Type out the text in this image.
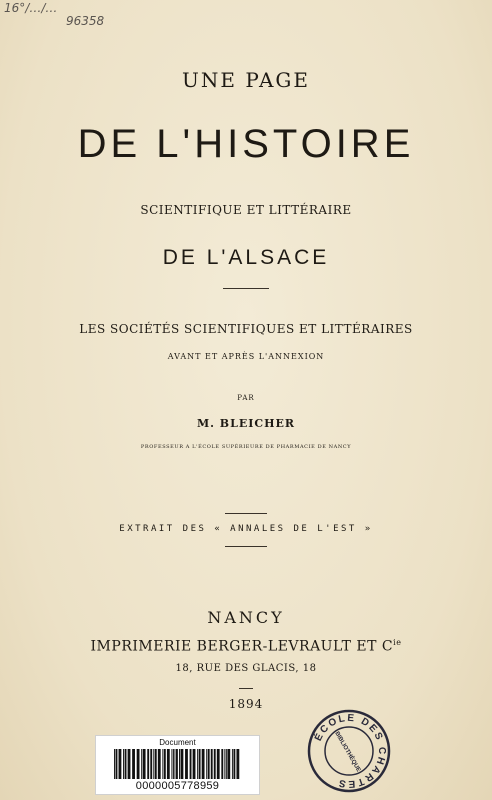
16°/…/…
96358
UNE PAGE
DE L'HISTOIRE
SCIENTIFIQUE ET LITTÉRAIRE
DE L'ALSACE
LES SOCIÉTÉS SCIENTIFIQUES ET LITTÉRAIRES
AVANT ET APRÈS L'ANNEXION
PAR
M. BLEICHER
PROFESSEUR A L'ÉCOLE SUPÉRIEURE DE PHARMACIE DE NANCY
EXTRAIT DES « ANNALES DE L'EST »
NANCY
IMPRIMERIE BERGER-LEVRAULT ET $C^{ie}$
18, RUE DES GLACIS, 18
1894
Document
0000005778959
ÉCOLE DES CHARTES
BIBLIOTHÈQUE
